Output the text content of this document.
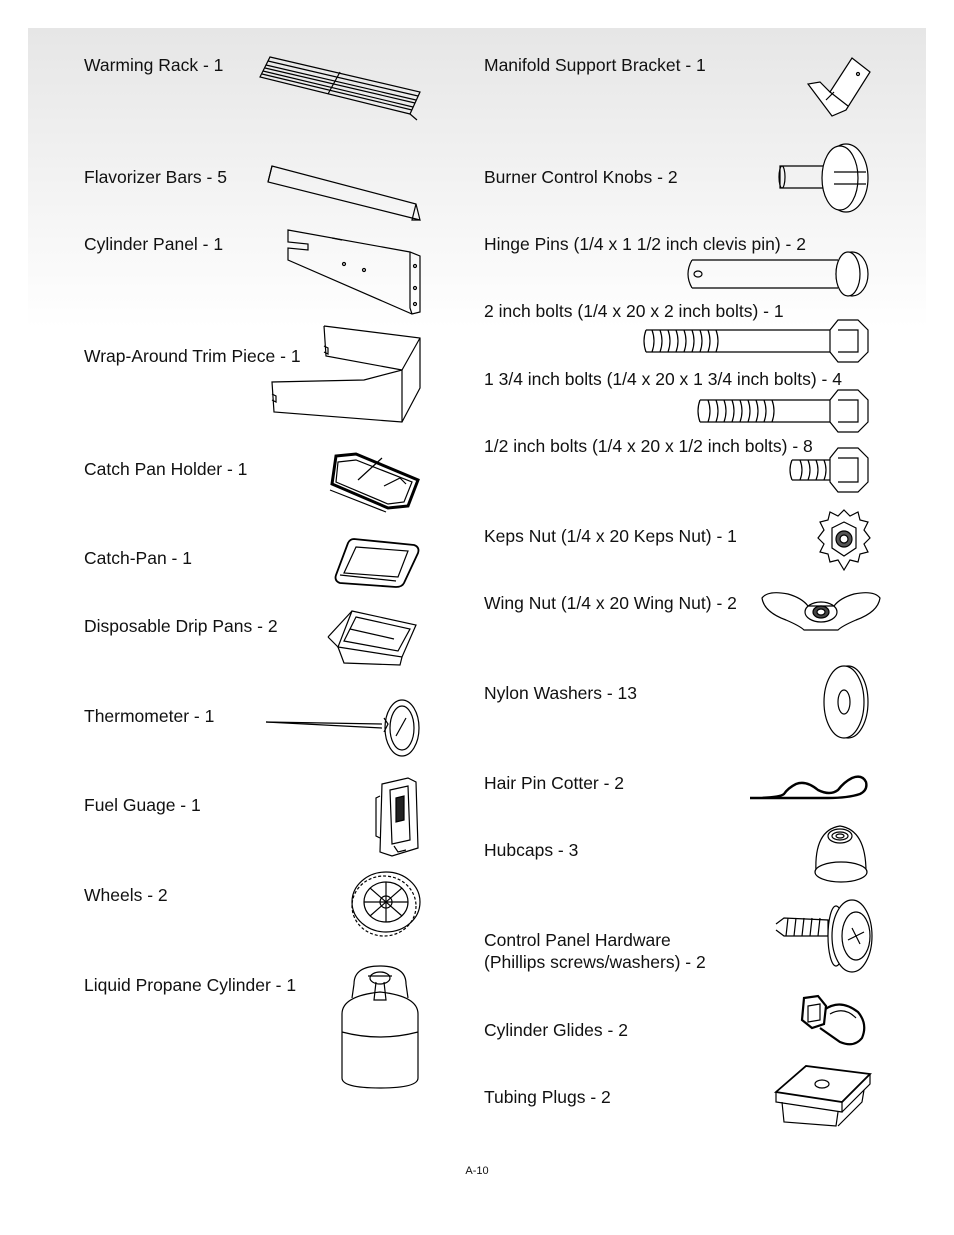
Warming Rack - 1
Flavorizer Bars - 5
Cylinder Panel - 1
Wrap-Around Trim Piece - 1
Catch Pan Holder - 1
Catch-Pan - 1
Disposable Drip Pans - 2
Thermometer - 1
Fuel Guage - 1
Wheels - 2
Liquid Propane Cylinder - 1
Manifold Support Bracket - 1
Burner Control Knobs - 2
Hinge Pins (1/4 x 1 1/2 inch clevis pin) - 2
2 inch bolts (1/4 x 20 x 2 inch bolts) - 1
1 3/4 inch bolts (1/4 x 20 x 1 3/4 inch bolts) - 4
1/2 inch bolts (1/4 x 20 x 1/2 inch bolts) - 8
Keps Nut (1/4 x 20 Keps Nut) - 1
Wing Nut (1/4 x 20 Wing Nut) - 2
Nylon Washers - 13
Hair Pin Cotter - 2
Hubcaps - 3
Control Panel Hardware
(Phillips screws/washers) - 2
Cylinder Glides - 2
Tubing Plugs - 2
A-10
